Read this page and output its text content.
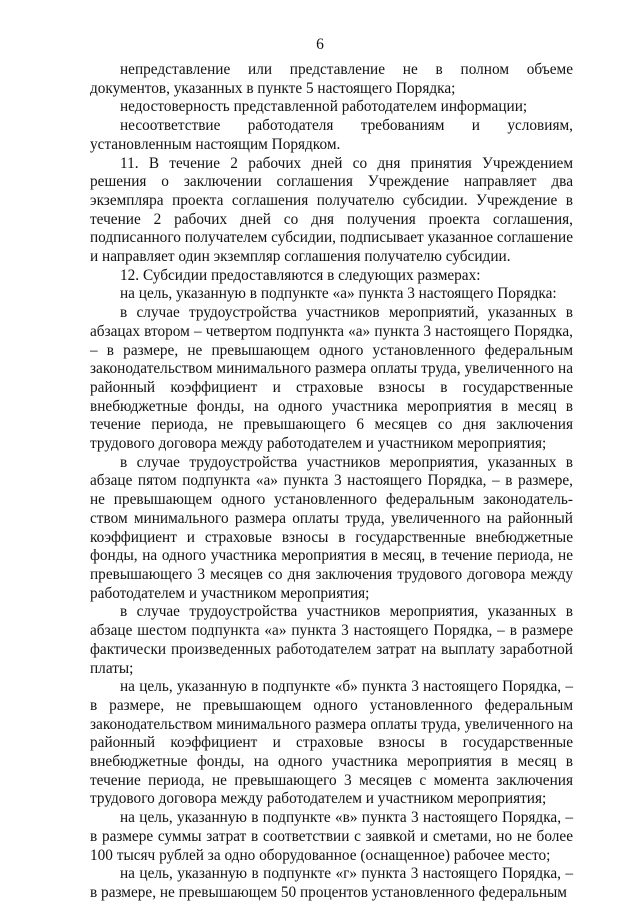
6

непредставление или представление не в полном объеме документов, указанных в пункте 5 настоящего Порядка;

недостоверность представленной работодателем информации;

несоответствие работодателя требованиям и условиям, установленным настоящим Порядком.

11. В течение 2 рабочих дней со дня принятия Учреждением решения о заключении соглашения Учреждение направляет два экземпляра проекта соглашения получателю субсидии. Учреждение в течение 2 рабочих дней со дня получения проекта соглашения, подписанного получателем субсидии, подписывает указанное соглашение и направляет один экземпляр соглашения получателю субсидии.

12. Субсидии предоставляются в следующих размерах:

на цель, указанную в подпункте «а» пункта 3 настоящего Порядка:

в случае трудоустройства участников мероприятий, указанных в абзацах втором – четвертом подпункта «а» пункта 3 настоящего Порядка, – в размере, не превышающем одного установленного федеральным законодательством минимального размера оплаты труда, увеличенного на районный коэффициент и страховые взносы в государственные внебюджетные фонды, на одного участника мероприятия в месяц в течение периода, не превышающего 6 месяцев со дня заключения трудового договора между работодателем и участником мероприятия;

в случае трудоустройства участников мероприятия, указанных в абзаце пятом подпункта «а» пункта 3 настоящего Порядка, – в размере, не превышающем одного установленного федеральным законодательством минимального размера оплаты труда, увеличенного на районный коэффициент и страховые взносы в государственные внебюджетные фонды, на одного участника мероприятия в месяц, в течение периода, не превышающего 3 месяцев со дня заключения трудового договора между работодателем и участником мероприятия;

в случае трудоустройства участников мероприятия, указанных в абзаце шестом подпункта «а» пункта 3 настоящего Порядка, – в размере фактически произведенных работодателем затрат на выплату заработной платы;

на цель, указанную в подпункте «б» пункта 3 настоящего Порядка, – в размере, не превышающем одного установленного федеральным законодательством минимального размера оплаты труда, увеличенного на районный коэффициент и страховые взносы в государственные внебюджетные фонды, на одного участника мероприятия в месяц в течение периода, не превышающего 3 месяцев с момента заключения трудового договора между работодателем и участником мероприятия;

на цель, указанную в подпункте «в» пункта 3 настоящего Порядка, – в размере суммы затрат в соответствии с заявкой и сметами, но не более 100 тысяч рублей за одно оборудованное (оснащенное) рабочее место;

на цель, указанную в подпункте «г» пункта 3 настоящего Порядка, – в размере, не превышающем 50 процентов установленного федеральным
